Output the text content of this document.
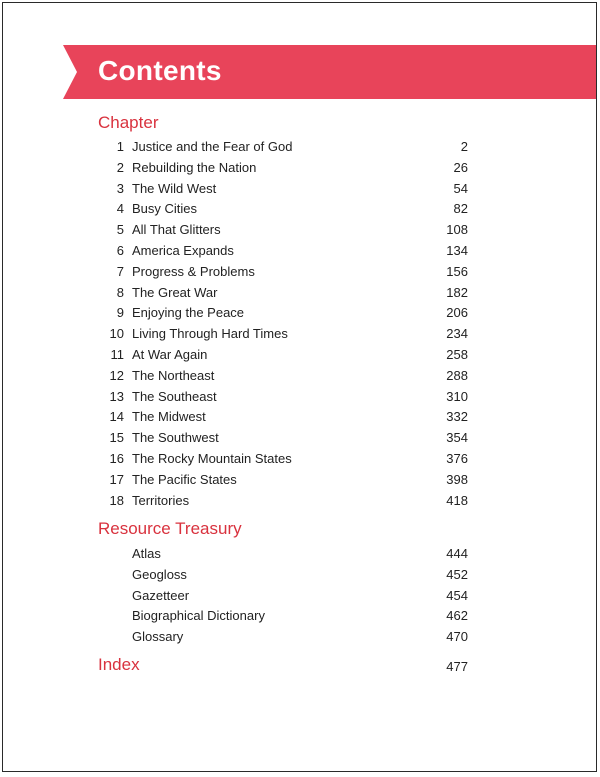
Contents
Chapter
1 Justice and the Fear of God	2
2 Rebuilding the Nation	26
3 The Wild West	54
4 Busy Cities	82
5 All That Glitters	108
6 America Expands	134
7 Progress & Problems	156
8 The Great War	182
9 Enjoying the Peace	206
10 Living Through Hard Times	234
11 At War Again	258
12 The Northeast	288
13 The Southeast	310
14 The Midwest	332
15 The Southwest	354
16 The Rocky Mountain States	376
17 The Pacific States	398
18 Territories	418
Resource Treasury
Atlas	444
Geogloss	452
Gazetteer	454
Biographical Dictionary	462
Glossary	470
Index	477
